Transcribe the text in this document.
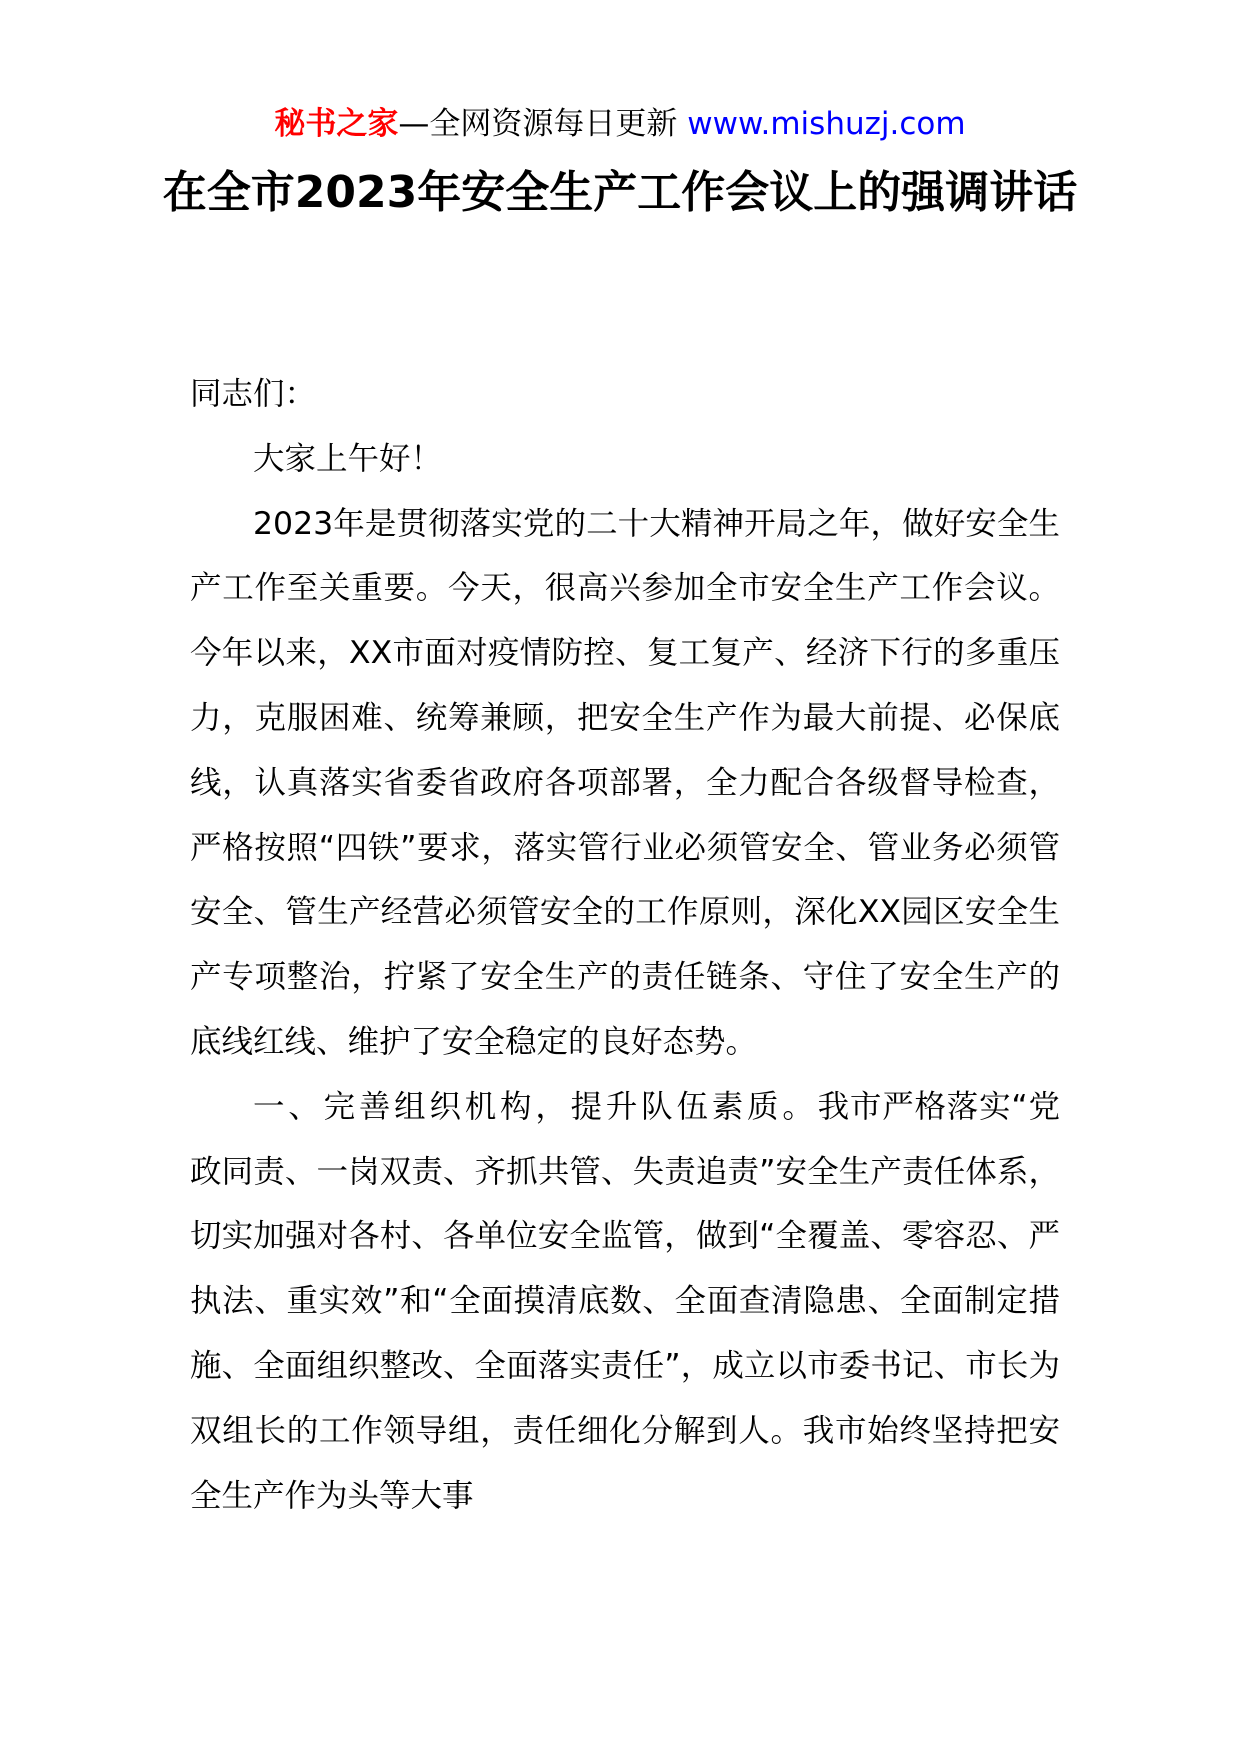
秘书之家—全网资源每日更新 www.mishuzj.com
在全市2023年安全生产工作会议上的强调讲话

同志们：

大家上午好！

2023年是贯彻落实党的二十大精神开局之年，做好安全生产工作至关重要。今天，很高兴参加全市安全生产工作会议。今年以来，XX市面对疫情防控、复工复产、经济下行的多重压力，克服困难、统筹兼顾，把安全生产作为最大前提、必保底线，认真落实省委省政府各项部署，全力配合各级督导检查，严格按照“四铁”要求，落实管行业必须管安全、管业务必须管安全、管生产经营必须管安全的工作原则，深化XX园区安全生产专项整治，拧紧了安全生产的责任链条、守住了安全生产的底线红线、维护了安全稳定的良好态势。

一、完善组织机构，提升队伍素质。我市严格落实“党政同责、一岗双责、齐抓共管、失责追责”安全生产责任体系，切实加强对各村、各单位安全监管，做到“全覆盖、零容忍、严执法、重实效”和“全面摸清底数、全面查清隐患、全面制定措施、全面组织整改、全面落实责任”，成立以市委书记、市长为双组长的工作领导组，责任细化分解到人。我市始终坚持把安全生产作为头等大事
